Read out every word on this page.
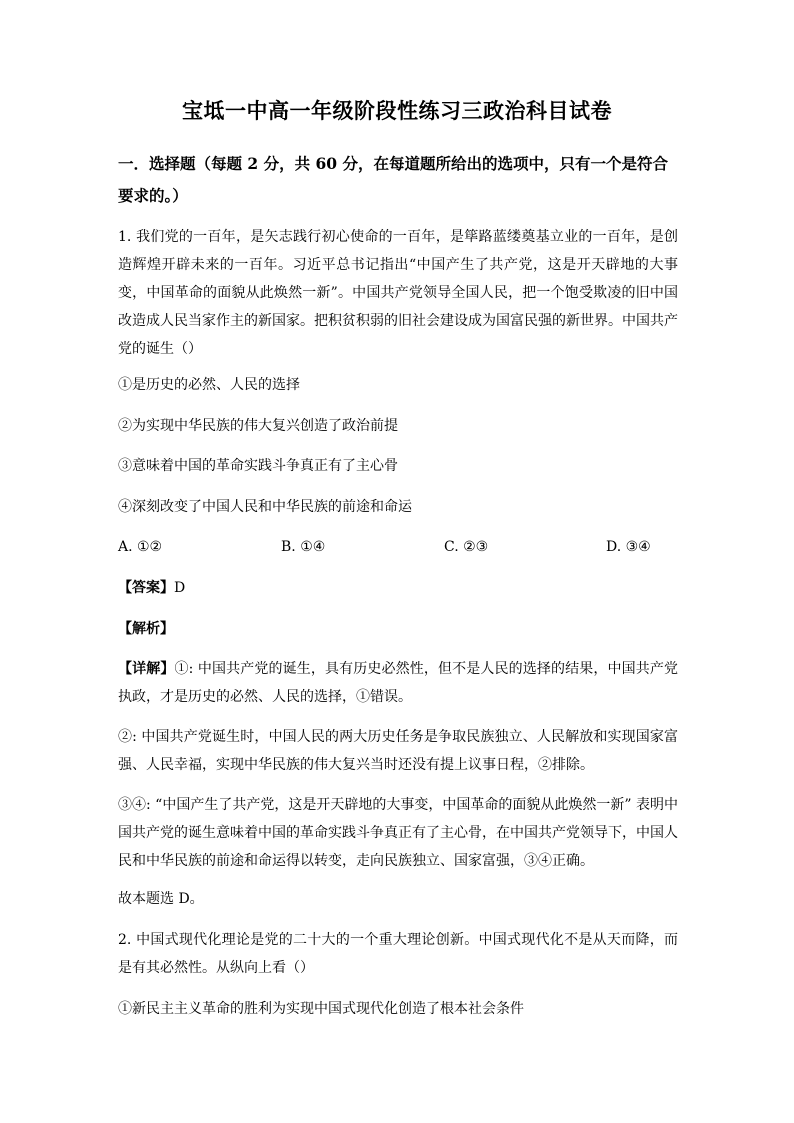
宝坻一中高一年级阶段性练习三政治科目试卷
一．选择题（每题 2 分，共 60 分，在每道题所给出的选项中，只有一个是符合要求的。）
1. 我们党的一百年，是矢志践行初心使命的一百年，是筚路蓝缕奠基立业的一百年，是创造辉煌开辟未来的一百年。习近平总书记指出“中国产生了共产党，这是开天辟地的大事变，中国革命的面貌从此焕然一新”。中国共产党领导全国人民，把一个饱受欺凌的旧中国改造成人民当家作主的新国家。把积贫积弱的旧社会建设成为国富民强的新世界。中国共产党的诞生（）
①是历史的必然、人民的选择
②为实现中华民族的伟大复兴创造了政治前提
③意味着中国的革命实践斗争真正有了主心骨
④深刻改变了中国人民和中华民族的前途和命运
A. ①②	B. ①④	C. ②③	D. ③④
【答案】D
【解析】
【详解】①: 中国共产党的诞生，具有历史必然性，但不是人民的选择的结果，中国共产党执政，才是历史的必然、人民的选择，①错误。
②: 中国共产党诞生时，中国人民的两大历史任务是争取民族独立、人民解放和实现国家富强、人民幸福，实现中华民族的伟大复兴当时还没有提上议事日程，②排除。
③④: “中国产生了共产党，这是开天辟地的大事变，中国革命的面貌从此焕然一新” 表明中国共产党的诞生意味着中国的革命实践斗争真正有了主心骨，在中国共产党领导下，中国人民和中华民族的前途和命运得以转变，走向民族独立、国家富强，③④正确。
故本题选 D。
2. 中国式现代化理论是党的二十大的一个重大理论创新。中国式现代化不是从天而降，而是有其必然性。从纵向上看（）
①新民主主义革命的胜利为实现中国式现代化创造了根本社会条件
